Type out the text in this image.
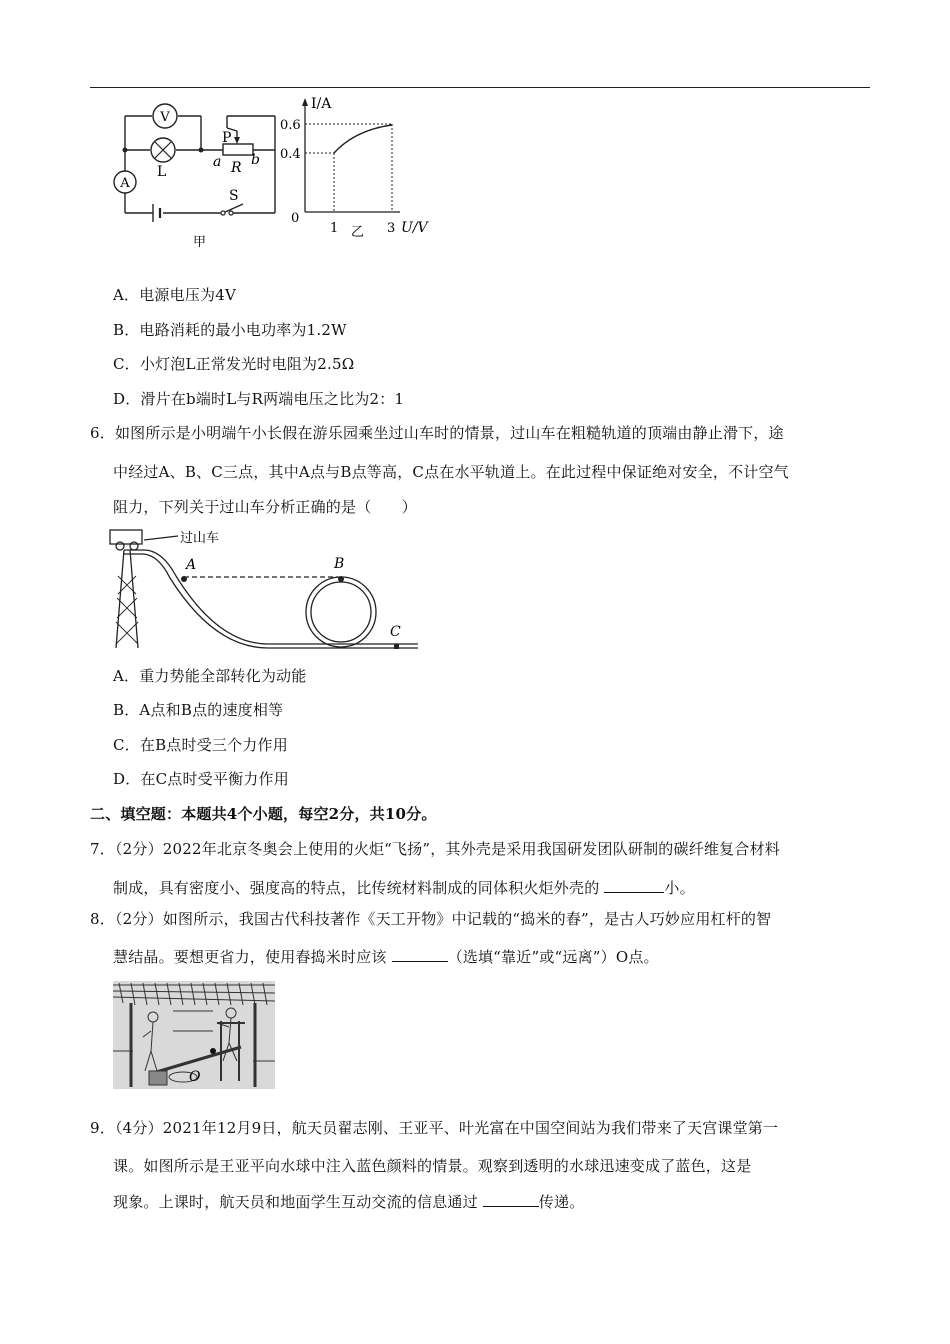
V
A
L
P
a R b
S
甲
I/A
0.6
0.4
0
1	3 U/V
乙
A．电源电压为4V
B．电路消耗的最小电功率为1.2W
C．小灯泡L正常发光时电阻为2.5Ω
D．滑片在b端时L与R两端电压之比为2：1
6．如图所示是小明端午小长假在游乐园乘坐过山车时的情景，过山车在粗糙轨道的顶端由静止滑下，途
中经过A、B、C三点，其中A点与B点等高，C点在水平轨道上。在此过程中保证绝对安全，不计空气
阻力，下列关于过山车分析正确的是（　　）
过山车
A	B
C
A．重力势能全部转化为动能
B．A点和B点的速度相等
C．在B点时受三个力作用
D．在C点时受平衡力作用
二、填空题：本题共4个小题，每空2分，共10分。
7．（2分）2022年北京冬奥会上使用的火炬“飞扬”，其外壳是采用我国研发团队研制的碳纤维复合材料
制成，具有密度小、强度高的特点，比传统材料制成的同体积火炬外壳的	小。
8．（2分）如图所示，我国古代科技著作《天工开物》中记载的“捣米的舂”，是古人巧妙应用杠杆的智
慧结晶。要想更省力，使用舂捣米时应该	（选填“靠近”或“远离”）O点。
O
9．（4分）2021年12月9日，航天员翟志刚、王亚平、叶光富在中国空间站为我们带来了天宫课堂第一
课。如图所示是王亚平向水球中注入蓝色颜料的情景。观察到透明的水球迅速变成了蓝色，这是
现象。上课时，航天员和地面学生互动交流的信息通过	传递。
